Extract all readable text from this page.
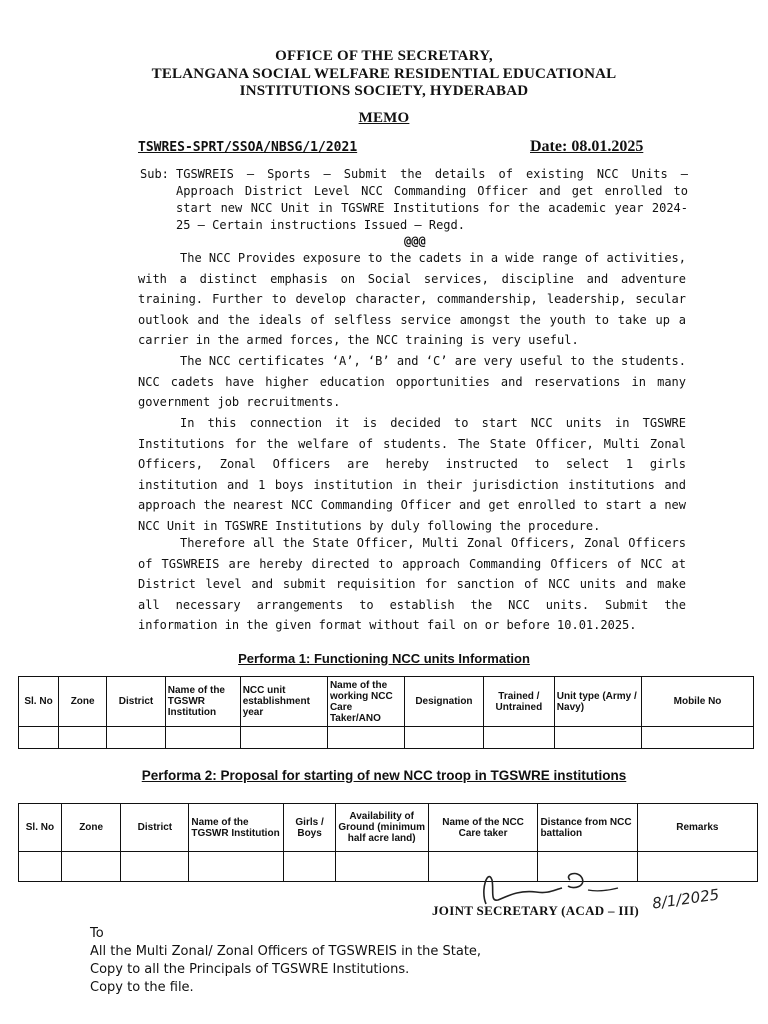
OFFICE OF THE SECRETARY,
TELANGANA SOCIAL WELFARE RESIDENTIAL EDUCATIONAL
INSTITUTIONS SOCIETY, HYDERABAD
MEMO
TSWRES-SPRT/SSOA/NBSG/1/2021	Date: 08.01.2025
Sub: TGSWREIS – Sports – Submit the details of existing NCC Units – Approach District Level NCC Commanding Officer and get enrolled to start new NCC Unit in TGSWRE Institutions for the academic year 2024-25 – Certain instructions Issued – Regd.
@@@
The NCC Provides exposure to the cadets in a wide range of activities, with a distinct emphasis on Social services, discipline and adventure training. Further to develop character, commandership, leadership, secular outlook and the ideals of selfless service amongst the youth to take up a carrier in the armed forces, the NCC training is very useful.
The NCC certificates ‘A’, ‘B’ and ‘C’ are very useful to the students. NCC cadets have higher education opportunities and reservations in many government job recruitments.
In this connection it is decided to start NCC units in TGSWRE Institutions for the welfare of students. The State Officer, Multi Zonal Officers, Zonal Officers are hereby instructed to select 1 girls institution and 1 boys institution in their jurisdiction institutions and approach the nearest NCC Commanding Officer and get enrolled to start a new NCC Unit in TGSWRE Institutions by duly following the procedure.
Therefore all the State Officer, Multi Zonal Officers, Zonal Officers of TGSWREIS are hereby directed to approach Commanding Officers of NCC at District level and submit requisition for sanction of NCC units and make all necessary arrangements to establish the NCC units. Submit the information in the given format without fail on or before 10.01.2025.
Performa 1: Functioning NCC units Information
Sl. No	Zone	District	Name of the TGSWR Institution	NCC unit establishment year	Name of the working NCC Care Taker/ANO	Designation	Trained / Untrained	Unit type (Army / Navy)	Mobile No

Performa 2: Proposal for starting of new NCC troop in TGSWRE institutions
Sl. No	Zone	District	Name of the TGSWR Institution	Girls / Boys	Availability of Ground (minimum half acre land)	Name of the NCC Care taker	Distance from NCC battalion	Remarks

JOINT SECRETARY (ACAD – III) 8/1/2025
To
All the Multi Zonal/ Zonal Officers of TGSWREIS in the State,
Copy to all the Principals of TGSWRE Institutions.
Copy to the file.
